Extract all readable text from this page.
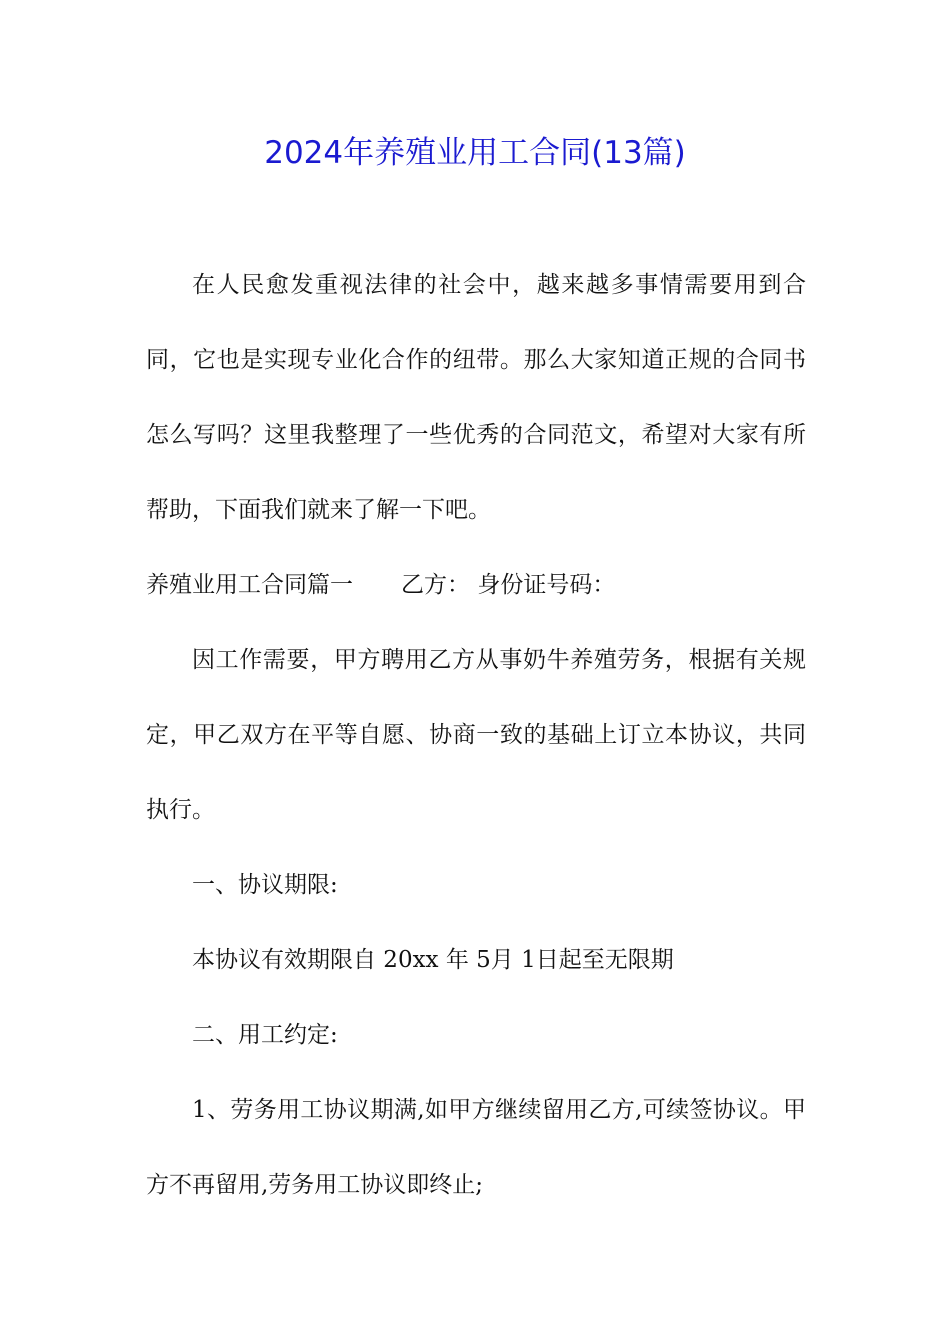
2024年养殖业用工合同(13篇)

在人民愈发重视法律的社会中，越来越多事情需要用到合同，它也是实现专业化合作的纽带。那么大家知道正规的合同书怎么写吗？这里我整理了一些优秀的合同范文，希望对大家有所帮助，下面我们就来了解一下吧。

养殖业用工合同篇一 乙方： 身份证号码：

因工作需要，甲方聘用乙方从事奶牛养殖劳务，根据有关规定，甲乙双方在平等自愿、协商一致的基础上订立本协议，共同执行。

一、协议期限:

本协议有效期限自 20xx 年 5月 1日起至无限期

二、用工约定:

1、劳务用工协议期满,如甲方继续留用乙方,可续签协议。甲方不再留用,劳务用工协议即终止;
